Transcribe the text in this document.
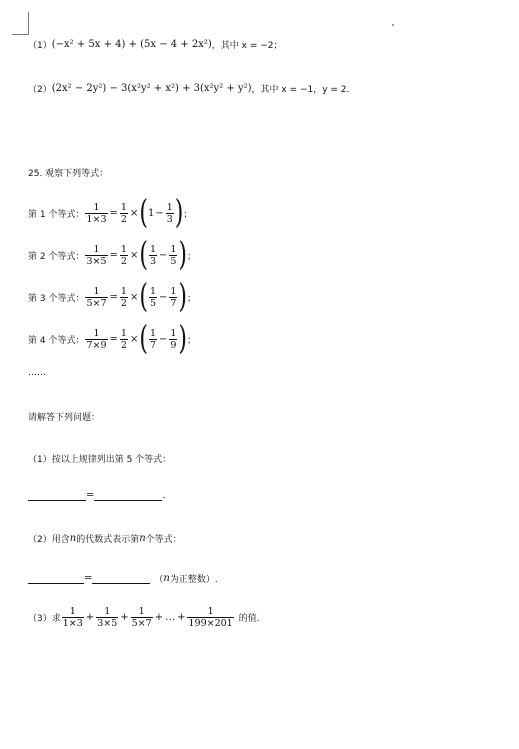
（1） (−x² + 5x + 4) + (5x − 4 + 2x²) ，其中 x = −2；
（2） (2x² − 2y²) − 3(x²y² + x²) + 3(x²y² + y²) ，其中 x = −1，y = 2.
25. 观察下列等式：
第 1 个等式： $\frac{1}{1\times 3} = \frac{1}{2}$ × ( $1 - \frac{1}{3}$ ) ；
第 2 个等式： $\frac{1}{3\times 5} = \frac{1}{2}$ × ( $\frac{1}{3} - \frac{1}{5}$ ) ；
第 3 个等式： $\frac{1}{5\times 7} = \frac{1}{2}$ × ( $\frac{1}{5} - \frac{1}{7}$ ) ；
第 4 个等式： $\frac{1}{7\times 9} = \frac{1}{2}$ × ( $\frac{1}{7} - \frac{1}{9}$ ) ；
……
请解答下列问题：
（1）按以上规律列出第 5 个等式：
=	.
（2）用含 n 的代数式表示第 n 个等式：
=	（ n 为正整数）.
（3）求 $\frac{1}{1\times 3} + \frac{1}{3\times 5} + \frac{1}{5\times 7}$ + … + $\frac{1}{199\times 201}$ 的值.
